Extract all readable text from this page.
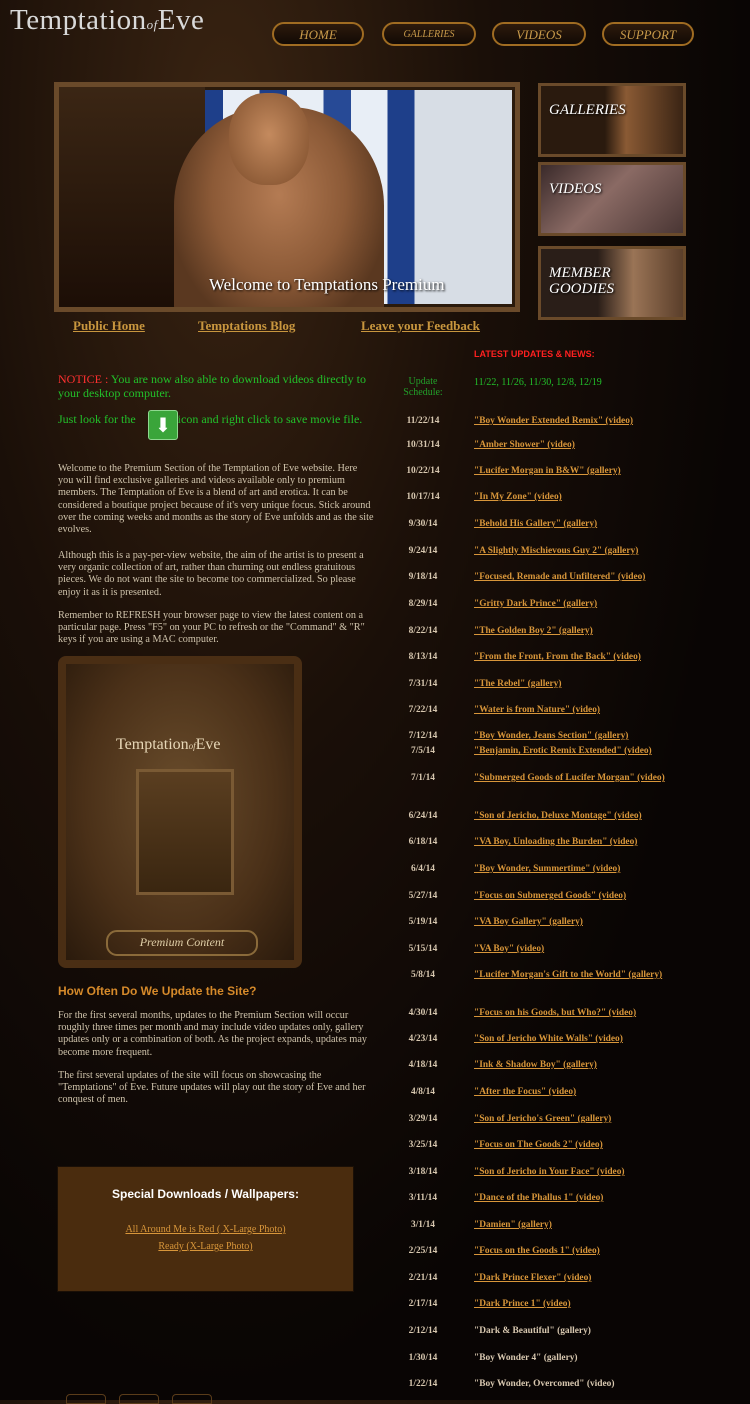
TemptationofEve	HOME	GALLERIES	VIDEOS	SUPPORT
Welcome to Temptations Premium
GALLERIES
VIDEOS
MEMBER
GOODIES
Public Home	Temptations Blog	Leave your Feedback
NOTICE : You are now also able to download videos directly to your desktop computer.
Just look for the	icon and right click to save movie file.
⬇
Welcome to the Premium Section of the Temptation of Eve website. Here you will find exclusive galleries and videos available only to premium members. The Temptation of Eve is a blend of art and erotica. It can be considered a boutique project because of it's very unique focus. Stick around over the coming weeks and months as the story of Eve unfolds and as the site evolves.
Although this is a pay-per-view website, the aim of the artist is to present a very organic collection of art, rather than churning out endless gratuitous pieces. We do not want the site to become too commercialized. So please enjoy it as it is presented.
Remember to REFRESH your browser page to view the latest content on a particular page. Press "F5" on your PC to refresh or the "Command" & "R" keys if you are using a MAC computer.
TemptationofEve
Premium Content
How Often Do We Update the Site?
For the first several months, updates to the Premium Section will occur roughly three times per month and may include video updates only, gallery updates only or a combination of both. As the project expands, updates may become more frequent.
The first several updates of the site will focus on showcasing the "Temptations" of Eve. Future updates will play out the story of Eve and her conquest of men.
Special Downloads / Wallpapers:
All Around Me is Red ( X-Large Photo)
Ready (X-Large Photo)
LATEST UPDATES & NEWS:
Update Schedule:
11/22, 11/26, 11/30, 12/8, 12/19
11/22/14	"Boy Wonder Extended Remix" (video)
10/31/14	"Amber Shower" (video)
10/22/14	"Lucifer Morgan in B&W" (gallery)
10/17/14	"In My Zone" (video)
9/30/14	"Behold His Gallery" (gallery)
9/24/14	"A Slightly Mischievous Guy 2" (gallery)
9/18/14	"Focused, Remade and Unfiltered" (video)
8/29/14	"Gritty Dark Prince" (gallery)
8/22/14	"The Golden Boy 2" (gallery)
8/13/14	"From the Front, From the Back" (video)
7/31/14	"The Rebel" (gallery)
7/22/14	"Water is from Nature" (video)
7/12/14	"Boy Wonder, Jeans Section" (gallery)
7/5/14	"Benjamin, Erotic Remix Extended" (video)
7/1/14	"Submerged Goods of Lucifer Morgan" (video)
6/24/14	"Son of Jericho, Deluxe Montage" (video)
6/18/14	"VA Boy, Unloading the Burden" (video)
6/4/14	"Boy Wonder, Summertime" (video)
5/27/14	"Focus on Submerged Goods" (video)
5/19/14	"VA Boy Gallery" (gallery)
5/15/14	"VA Boy" (video)
5/8/14	"Lucifer Morgan's Gift to the World" (gallery)
4/30/14	"Focus on his Goods, but Who?" (video)
4/23/14	"Son of Jericho White Walls" (video)
4/18/14	"Ink & Shadow Boy" (gallery)
4/8/14	"After the Focus" (video)
3/29/14	"Son of Jericho's Green" (gallery)
3/25/14	"Focus on The Goods 2" (video)
3/18/14	"Son of Jericho in Your Face" (video)
3/11/14	"Dance of the Phallus 1" (video)
3/1/14	"Damien" (gallery)
2/25/14	"Focus on the Goods 1" (video)
2/21/14	"Dark Prince Flexer" (video)
2/17/14	"Dark Prince 1" (video)
2/12/14	"Dark & Beautiful" (gallery)
1/30/14	"Boy Wonder 4" (gallery)
1/22/14	"Boy Wonder, Overcomed" (video)
